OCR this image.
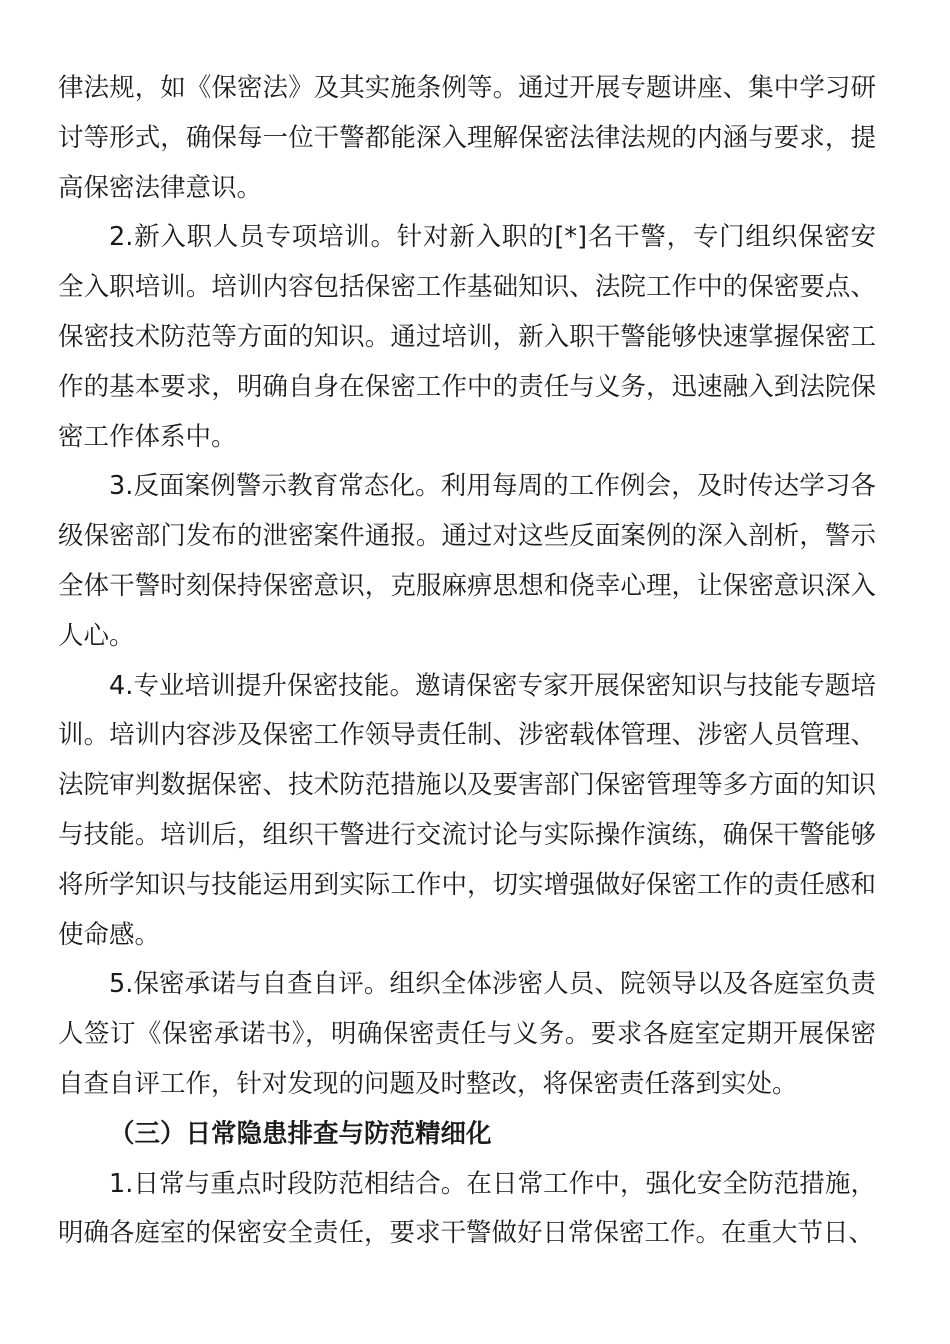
律法规，如《保密法》及其实施条例等。通过开展专题讲座、集中学习研讨等形式，确保每一位干警都能深入理解保密法律法规的内涵与要求，提高保密法律意识。

2.新入职人员专项培训。针对新入职的[*]名干警，专门组织保密安全入职培训。培训内容包括保密工作基础知识、法院工作中的保密要点、保密技术防范等方面的知识。通过培训，新入职干警能够快速掌握保密工作的基本要求，明确自身在保密工作中的责任与义务，迅速融入到法院保密工作体系中。

3.反面案例警示教育常态化。利用每周的工作例会，及时传达学习各级保密部门发布的泄密案件通报。通过对这些反面案例的深入剖析，警示全体干警时刻保持保密意识，克服麻痹思想和侥幸心理，让保密意识深入人心。

4.专业培训提升保密技能。邀请保密专家开展保密知识与技能专题培训。培训内容涉及保密工作领导责任制、涉密载体管理、涉密人员管理、法院审判数据保密、技术防范措施以及要害部门保密管理等多方面的知识与技能。培训后，组织干警进行交流讨论与实际操作演练，确保干警能够将所学知识与技能运用到实际工作中，切实增强做好保密工作的责任感和使命感。

5.保密承诺与自查自评。组织全体涉密人员、院领导以及各庭室负责人签订《保密承诺书》，明确保密责任与义务。要求各庭室定期开展保密自查自评工作，针对发现的问题及时整改，将保密责任落到实处。

（三）日常隐患排查与防范精细化

1.日常与重点时段防范相结合。在日常工作中，强化安全防范措施，明确各庭室的保密安全责任，要求干警做好日常保密工作。在重大节日、
